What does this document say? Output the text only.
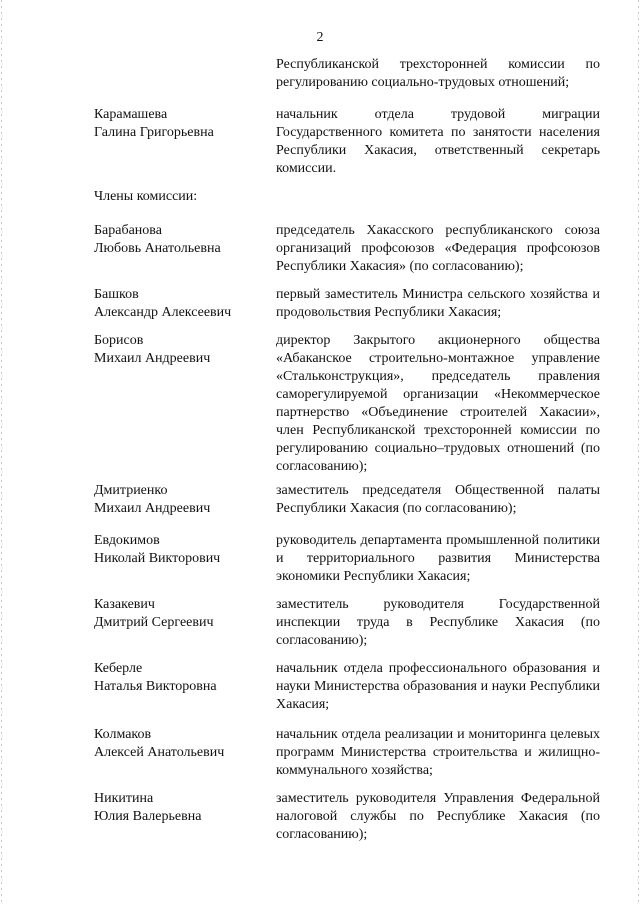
2
Республиканской трехсторонней комиссии по регулированию социально-трудовых отношений;
Карамашева
Галина Григорьевна
начальник отдела трудовой миграции Государственного комитета по занятости населения Республики Хакасия, ответственный секретарь комиссии.
Члены комиссии:
Барабанова
Любовь Анатольевна
председатель Хакасского республиканского союза организаций профсоюзов «Федерация профсоюзов Республики Хакасия» (по согласованию);
Башков
Александр Алексеевич
первый заместитель Министра сельского хозяйства и продовольствия Республики Хакасия;
Борисов
Михаил Андреевич
директор Закрытого акционерного общества «Абаканское строительно-монтажное управление «Стальконструкция», председатель правления саморегулируемой организации «Некоммерческое партнерство «Объединение строителей Хакасии», член Республиканской трехсторонней комиссии по регулированию социально–трудовых отношений (по согласованию);
Дмитриенко
Михаил Андреевич
заместитель председателя Общественной палаты Республики Хакасия (по согласованию);
Евдокимов
Николай Викторович
руководитель департамента промышленной политики и территориального развития Министерства экономики Республики Хакасия;
Казакевич
Дмитрий Сергеевич
заместитель руководителя Государственной инспекции труда в Республике Хакасия (по согласованию);
Кеберле
Наталья Викторовна
начальник отдела профессионального образования и науки Министерства образования и науки Республики Хакасия;
Колмаков
Алексей Анатольевич
начальник отдела реализации и мониторинга целевых программ Министерства строительства и жилищно-коммунального хозяйства;
Никитина
Юлия Валерьевна
заместитель руководителя Управления Федеральной налоговой службы по Республике Хакасия (по согласованию);
